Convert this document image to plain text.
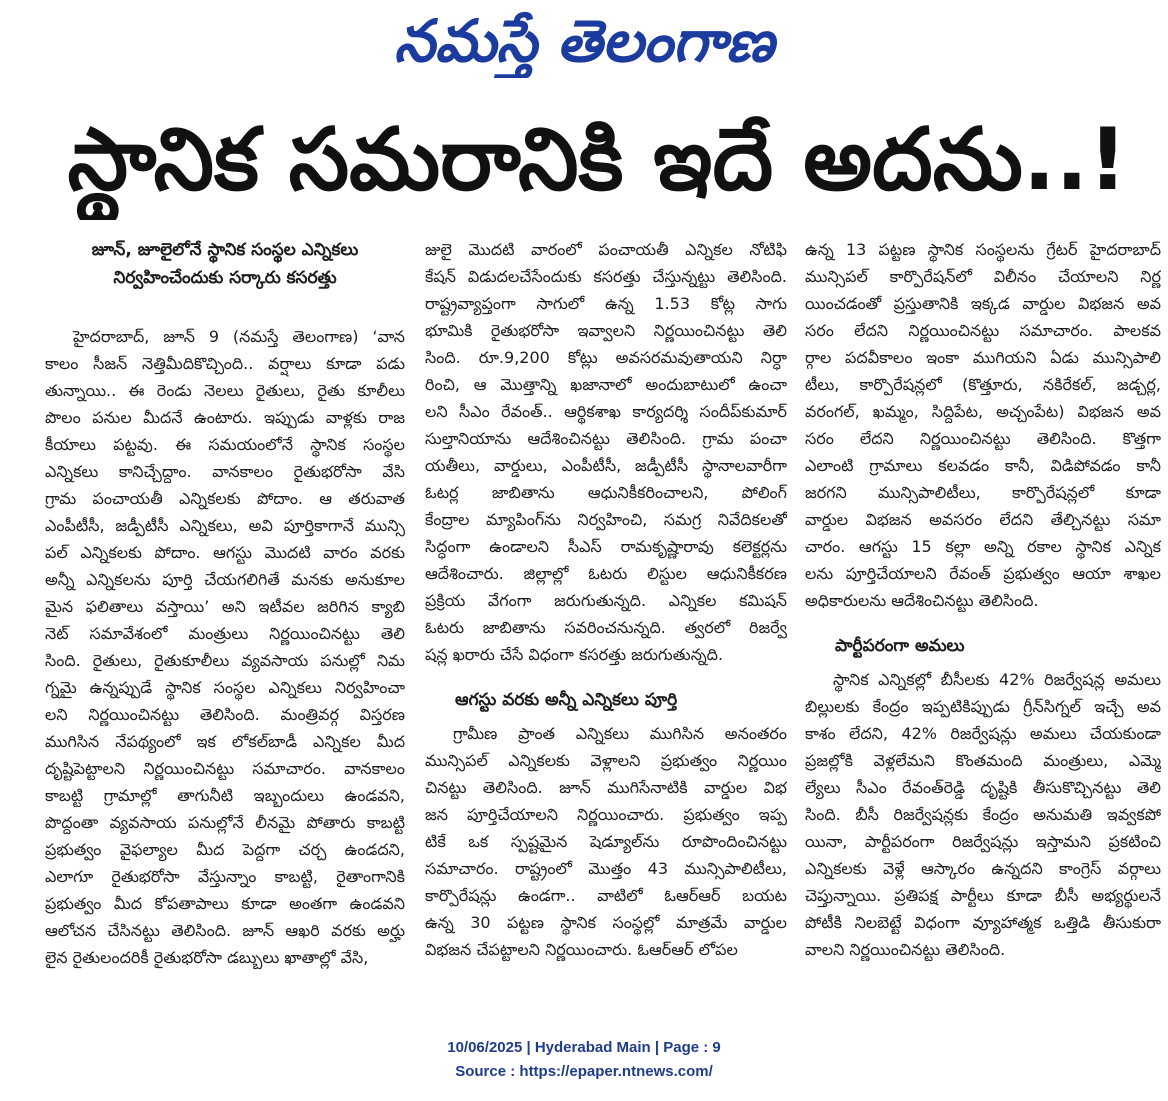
నమస్తే తెలంగాణ
స్థానిక సమరానికి ఇదే అదను..!
జూన్, జూలైలోనే స్థానిక సంస్థల ఎన్నికలు
నిర్వహించేందుకు సర్కారు కసరత్తు
హైదరాబాద్, జూన్ 9 (నమస్తే తెలంగాణ) ‘వాన
కాలం సీజన్ నెత్తిమీదికొచ్చింది.. వర్షాలు కూడా పడు
తున్నాయి.. ఈ రెండు నెలలు రైతులు, రైతు కూలీలు
పొలం పనుల మీదనే ఉంటారు. ఇప్పుడు వాళ్లకు రాజ
కీయాలు పట్టవు. ఈ సమయంలోనే స్థానిక సంస్థల
ఎన్నికలు కానిచ్చేద్దాం. వానకాలం రైతుభరోసా వేసి
గ్రామ పంచాయతీ ఎన్నికలకు పోదాం. ఆ తరువాత
ఎంపీటీసీ, జడ్పీటీసీ ఎన్నికలు, అవి పూర్తికాగానే మున్సి
పల్ ఎన్నికలకు పోదాం. ఆగస్టు మొదటి వారం వరకు
అన్నీ ఎన్నికలను పూర్తి చేయగలిగితే మనకు అనుకూల
మైన ఫలితాలు వస్తాయి’ అని ఇటీవల జరిగిన క్యాబి
నెట్ సమావేశంలో మంత్రులు నిర్ణయించినట్టు తెలి
సింది. రైతులు, రైతుకూలీలు వ్యవసాయ పనుల్లో నిమ
గ్నమై ఉన్నప్పుడే స్థానిక సంస్థల ఎన్నికలు నిర్వహించా
లని నిర్ణయించినట్టు తెలిసింది. మంత్రివర్గ విస్తరణ
ముగిసిన నేపథ్యంలో ఇక లోకల్‌బాడీ ఎన్నికల మీద
దృష్టిపెట్టాలని నిర్ణయించినట్టు సమాచారం. వానకాలం
కాబట్టి గ్రామాల్లో తాగునీటి ఇబ్బందులు ఉండవని,
పొద్దంతా వ్యవసాయ పనుల్లోనే లీనమై పోతారు కాబట్టి
ప్రభుత్వం వైఫల్యాల మీద పెద్దగా చర్చ ఉండదని,
ఎలాగూ రైతుభరోసా వేస్తున్నాం కాబట్టి, రైతాంగానికి
ప్రభుత్వం మీద కోపతాపాలు కూడా అంతగా ఉండవని
ఆలోచన చేసినట్టు తెలిసింది. జూన్ ఆఖరి వరకు అర్హు
లైన రైతులందరికీ రైతుభరోసా డబ్బులు ఖాతాల్లో వేసి,
జులై మొదటి వారంలో పంచాయతీ ఎన్నికల నోటిఫి
కేషన్ విడుదలచేసేందుకు కసరత్తు చేస్తున్నట్టు తెలిసింది.
రాష్ట్రవ్యాప్తంగా సాగులో ఉన్న 1.53 కోట్ల సాగు
భూమికి రైతుభరోసా ఇవ్వాలని నిర్ణయించినట్టు తెలి
సింది. రూ.9,200 కోట్లు అవసరమవుతాయని నిర్ధా
రించి, ఆ మొత్తాన్ని ఖజానాలో అందుబాటులో ఉంచా
లని సీఎం రేవంత్.. ఆర్థికశాఖ కార్యదర్శి సందీప్‌కుమార్
సుల్తానియాను ఆదేశించినట్టు తెలిసింది. గ్రామ పంచా
యతీలు, వార్డులు, ఎంపీటీసీ, జడ్పీటీసీ స్థానాలవారీగా
ఓటర్ల జాబితాను ఆధునికీకరించాలని, పోలింగ్
కేంద్రాల మ్యాపింగ్‌ను నిర్వహించి, సమగ్ర నివేదికలతో
సిద్ధంగా ఉండాలని సీఎస్ రామకృష్ణారావు కలెక్టర్లను
ఆదేశించారు. జిల్లాల్లో ఓటరు లిస్టుల ఆధునికీకరణ
ప్రక్రియ వేగంగా జరుగుతున్నది. ఎన్నికల కమిషన్
ఓటరు జాబితాను సవరించనున్నది. త్వరలో రిజర్వే
షన్ల ఖరారు చేసే విధంగా కసరత్తు జరుగుతున్నది.
ఆగస్టు వరకు అన్నీ ఎన్నికలు పూర్తి
గ్రామీణ ప్రాంత ఎన్నికలు ముగిసిన అనంతరం
మున్సిపల్ ఎన్నికలకు వెళ్లాలని ప్రభుత్వం నిర్ణయిం
చినట్టు తెలిసింది. జూన్ ముగిసేనాటికి వార్డుల విభ
జన పూర్తిచేయాలని నిర్ణయించారు. ప్రభుత్వం ఇప్ప
టికే ఒక స్పష్టమైన షెడ్యూల్‌ను రూపొందించినట్టు
సమాచారం. రాష్ట్రంలో మొత్తం 43 మున్సిపాలిటీలు,
కార్పొరేషన్లు ఉండగా.. వాటిలో ఓఆర్‌ఆర్ బయట
ఉన్న 30 పట్టణ స్థానిక సంస్థల్లో మాత్రమే వార్డుల
విభజన చేపట్టాలని నిర్ణయించారు. ఓఆర్‌ఆర్ లోపల
ఉన్న 13 పట్టణ స్థానిక సంస్థలను గ్రేటర్ హైదరాబాద్
మున్సిపల్ కార్పొరేషన్‌లో విలీనం చేయాలని నిర్ణ
యించడంతో ప్రస్తుతానికి ఇక్కడ వార్డుల విభజన అవ
సరం లేదని నిర్ణయించినట్టు సమాచారం. పాలకవ
ర్గాల పదవీకాలం ఇంకా ముగియని ఏడు మున్సిపాలి
టీలు, కార్పొరేషన్లలో (కొత్తూరు, నకిరేకల్, జడ్చర్ల,
వరంగల్, ఖమ్మం, సిద్దిపేట, అచ్చంపేట) విభజన అవ
సరం లేదని నిర్ణయించినట్టు తెలిసింది. కొత్తగా
ఎలాంటి గ్రామాలు కలవడం కానీ, విడిపోవడం కానీ
జరగని మున్సిపాలిటీలు, కార్పొరేషన్లలో కూడా
వార్డుల విభజన అవసరం లేదని తేల్చినట్టు సమా
చారం. ఆగస్టు 15 కల్లా అన్ని రకాల స్థానిక ఎన్నిక
లను పూర్తిచేయాలని రేవంత్ ప్రభుత్వం ఆయా శాఖల
అధికారులను ఆదేశించినట్టు తెలిసింది.
పార్టీపరంగా అమలు
స్థానిక ఎన్నికల్లో బీసీలకు 42% రిజర్వేషన్ల అమలు
బిల్లులకు కేంద్రం ఇప్పటికిప్పుడు గ్రీన్‌సిగ్నల్ ఇచ్చే అవ
కాశం లేదని, 42% రిజర్వేషన్లు అమలు చేయకుండా
ప్రజల్లోకి వెళ్లలేమని కొంతమంది మంత్రులు, ఎమ్మె
ల్యేలు సీఎం రేవంత్‌రెడ్డి దృష్టికి తీసుకొచ్చినట్టు తెలి
సింది. బీసీ రిజర్వేషన్లకు కేంద్రం అనుమతి ఇవ్వకపో
యినా, పార్టీపరంగా రిజర్వేషన్లు ఇస్తామని ప్రకటించి
ఎన్నికలకు వెళ్లే ఆస్కారం ఉన్నదని కాంగ్రెస్ వర్గాలు
చెప్తున్నాయి. ప్రతిపక్ష పార్టీలు కూడా బీసీ అభ్యర్థులనే
పోటీకి నిలబెట్టే విధంగా వ్యూహాత్మక ఒత్తిడి తీసుకురా
వాలని నిర్ణయించినట్టు తెలిసింది.
10/06/2025 | Hyderabad Main | Page : 9
Source : https://epaper.ntnews.com/
